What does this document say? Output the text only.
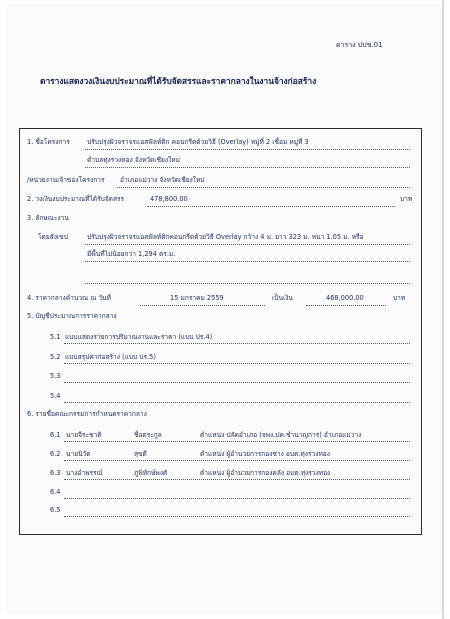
ตาราง ปปช.01
ตารางแสดงวงเงินงบประมาณที่ได้รับจัดสรรและราคากลางในงานจ้างก่อสร้าง
1. ชื่อโครงการ	ปรับปรุงผิวจราจรแอสฟัลท์ติก คอนกรีตด้วยวิธี (Overlay) หมู่ที่ 2 เชื่อม หมู่ที่ 3
ตำบลทุ่งรวงทอง จังหวัดเชียงใหม่
/หน่วยงานเจ้าของโครงการ อำเภอแม่วาง จังหวัดเชียงใหม่
2. วงเงินงบประมาณที่ได้รับจัดสรร	478,800.00	บาท
3. ลักษณะงาน
โดยสังเขป	ปรับปรุงผิวจราจรแอสฟัลท์ติกคอนกรีตด้วยวิธี Overlay กว้าง 4 ม. ยาว 323 ม. หนา 1.05 ม. หรือ
มีพื้นที่ไม่น้อยกว่า 1,294 ตร.ม.
4. ราคากลางคำนวณ ณ วันที่	15 มกราคม 2559	เป็นเงิน	468,000.00	บาท
5. บัญชีประมาณการราคากลาง
5.1 แบบแสดงรายการปริมาณงานและราคา (แบบ ปร.4)
5.2 แบบสรุปค่าก่อสร้าง (แบบ ปร.5)
5.3
5.4
6. รายชื่อคณะกรรมการกำหนดราคากลาง
6.1 นายจีระชาติ	ชื่อตระกูล	ตำแหน่ง ปลัดอำเภอ (จพง.ปค.ชำนาญการ) อำเภอแม่วาง
6.2 นายนิวัต	สุขดี	ตำแหน่ง ผู้อำนวยการกองช่าง อบต.ทุ่งรวงทอง
6.3 นางอำพรรณ์	ภู่พิทักษ์พงศ์	ตำแหน่ง ผู้อำนวยการกองคลัง อบต.ทุ่งรวงทอง
6.4
6.5
